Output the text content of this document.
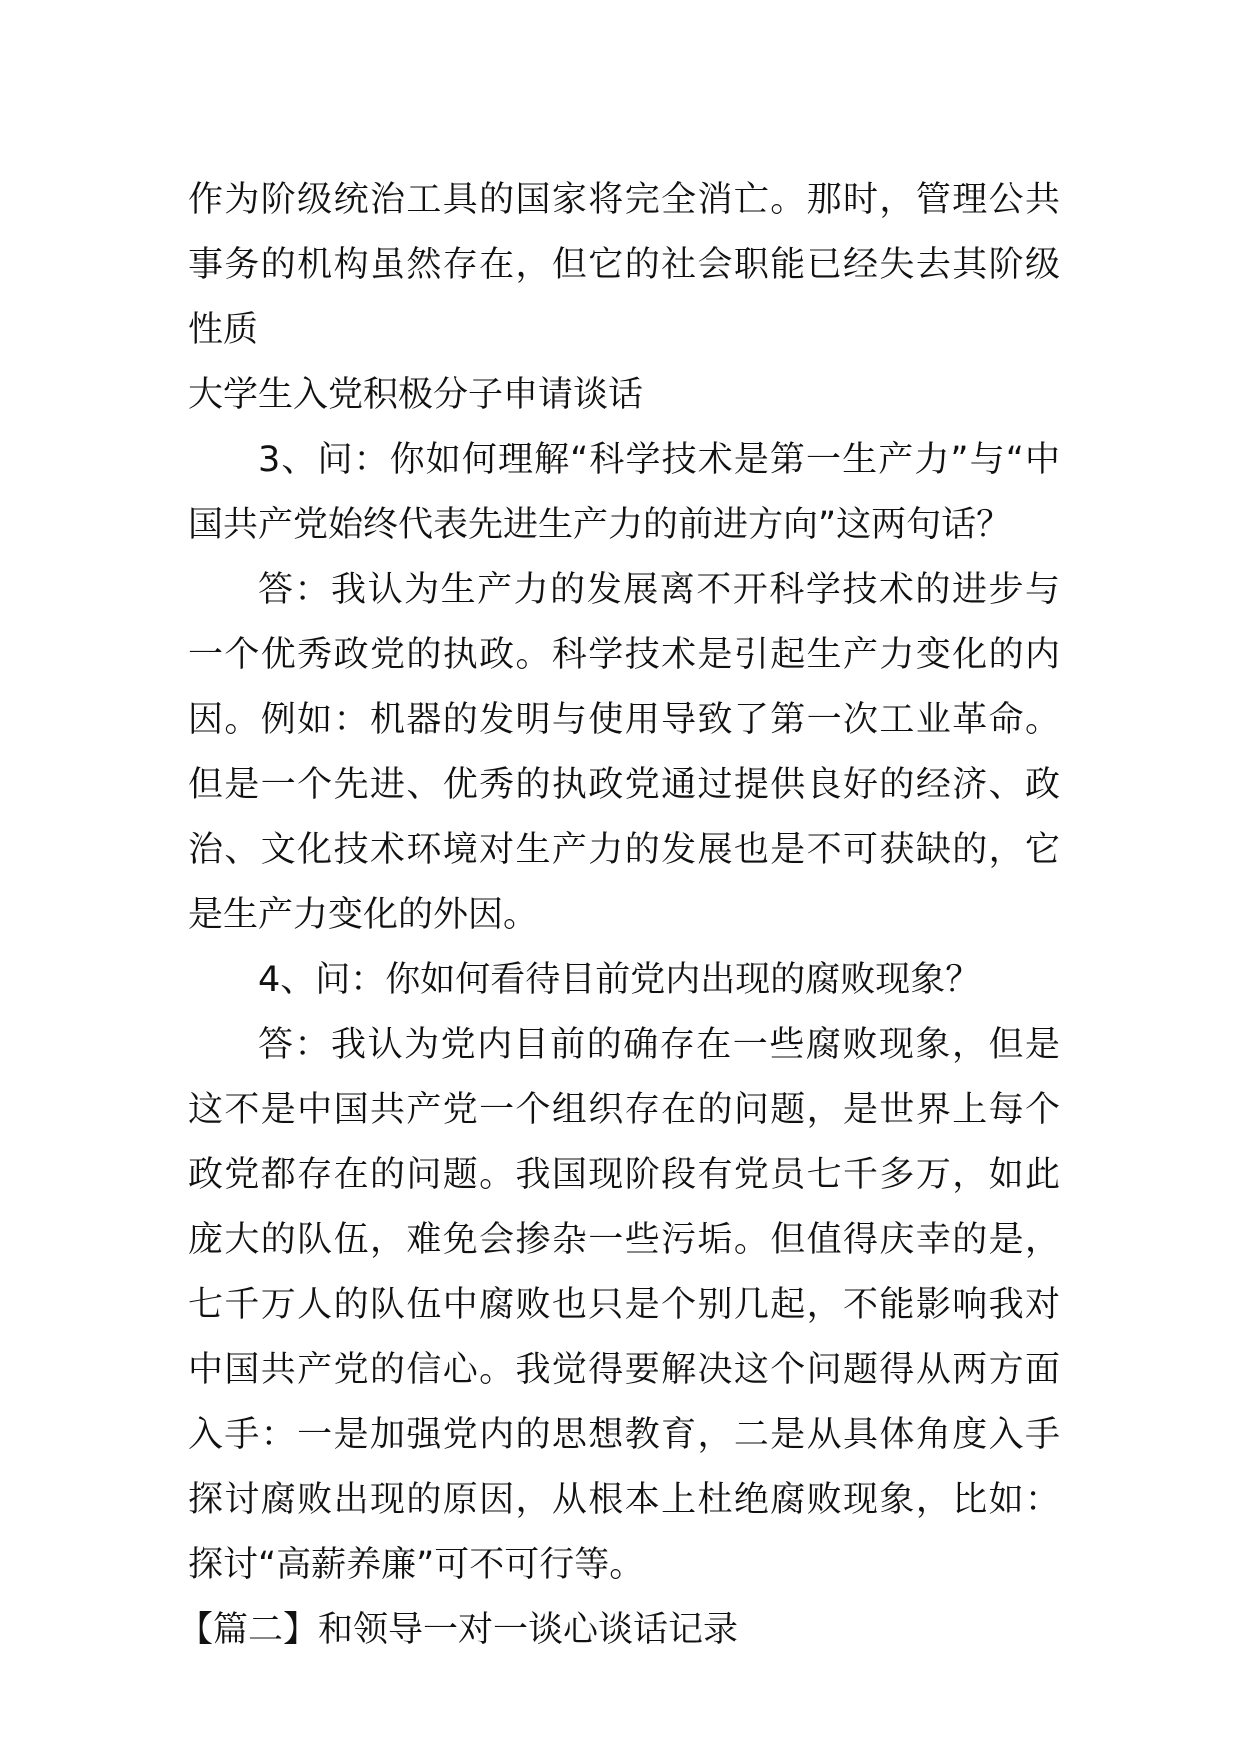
作为阶级统治工具的国家将完全消亡。那时，管理公共事务的机构虽然存在，但它的社会职能已经失去其阶级性质

大学生入党积极分子申请谈话

3、问：你如何理解“科学技术是第一生产力”与“中国共产党始终代表先进生产力的前进方向”这两句话？

答：我认为生产力的发展离不开科学技术的进步与一个优秀政党的执政。科学技术是引起生产力变化的内因。例如：机器的发明与使用导致了第一次工业革命。但是一个先进、优秀的执政党通过提供良好的经济、政治、文化技术环境对生产力的发展也是不可获缺的，它是生产力变化的外因。

4、问：你如何看待目前党内出现的腐败现象？

答：我认为党内目前的确存在一些腐败现象，但是这不是中国共产党一个组织存在的问题，是世界上每个政党都存在的问题。我国现阶段有党员七千多万，如此庞大的队伍，难免会掺杂一些污垢。但值得庆幸的是，七千万人的队伍中腐败也只是个别几起，不能影响我对中国共产党的信心。我觉得要解决这个问题得从两方面入手：一是加强党内的思想教育，二是从具体角度入手探讨腐败出现的原因，从根本上杜绝腐败现象，比如：探讨“高薪养廉”可不可行等。

【篇二】和领导一对一谈心谈话记录
